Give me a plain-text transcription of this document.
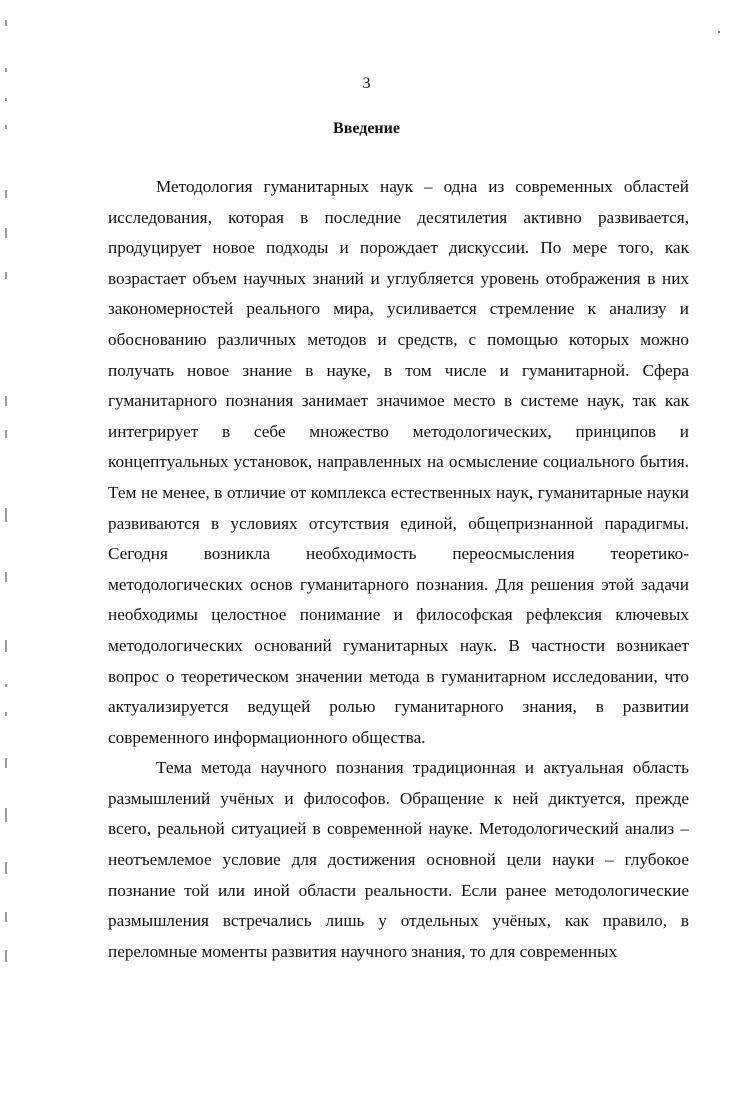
3
Введение

Методология гуманитарных наук – одна из современных областей исследования, которая в последние десятилетия активно развивается, продуцирует новое подходы и порождает дискуссии. По мере того, как возрастает объем научных знаний и углубляется уровень отображения в них закономерностей реального мира, усиливается стремление к анализу и обоснованию различных методов и средств, с помощью которых можно получать новое знание в науке, в том числе и гуманитарной. Сфера гуманитарного познания занимает значимое место в системе наук, так как интегрирует в себе множество методологических, принципов и концептуальных установок, направленных на осмысление социального бытия. Тем не менее, в отличие от комплекса естественных наук, гуманитарные науки развиваются в условиях отсутствия единой, общепризнанной парадигмы. Сегодня возникла необходимость переосмысления теоретико-методологических основ гуманитарного познания. Для решения этой задачи необходимы целостное понимание и философская рефлексия ключевых методологических оснований гуманитарных наук. В частности возникает вопрос о теоретическом значении метода в гуманитарном исследовании, что актуализируется ведущей ролью гуманитарного знания, в развитии современного информационного общества.

Тема метода научного познания традиционная и актуальная область размышлений учёных и философов. Обращение к ней диктуется, прежде всего, реальной ситуацией в современной науке. Методологический анализ – неотъемлемое условие для достижения основной цели науки – глубокое познание той или иной области реальности. Если ранее методологические размышления встречались лишь у отдельных учёных, как правило, в переломные моменты развития научного знания, то для современных
